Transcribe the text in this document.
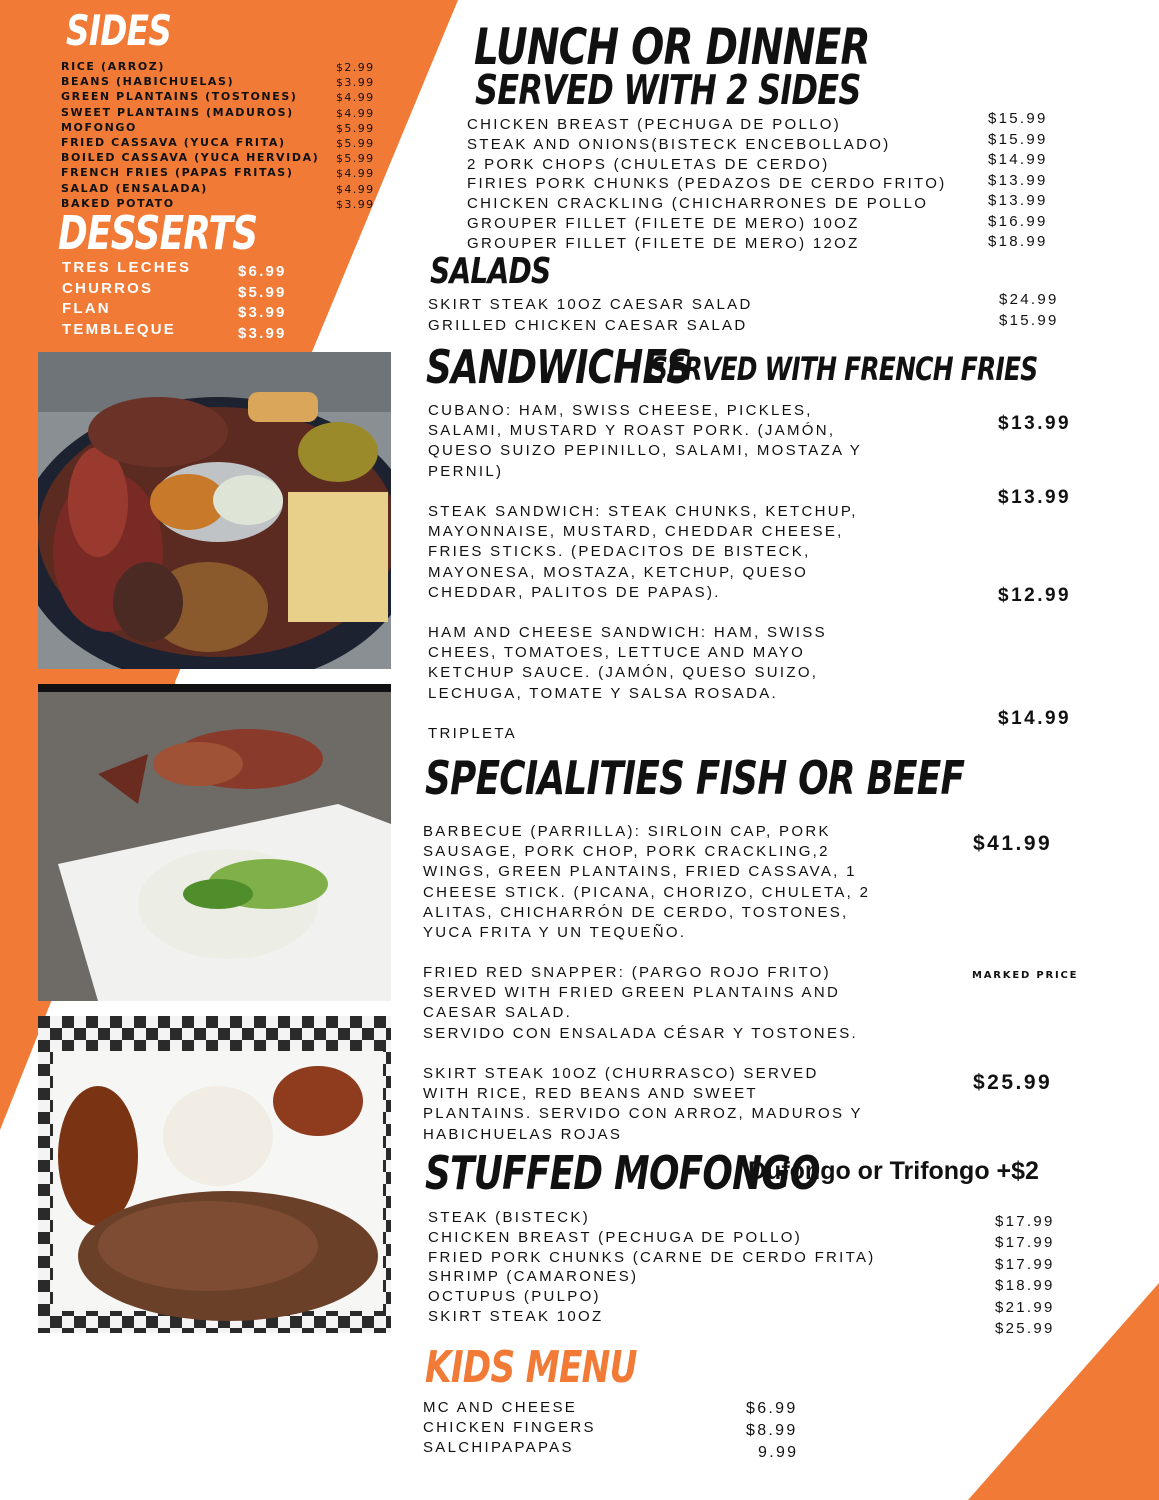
SIDES
RICE (ARROZ)
BEANS (HABICHUELAS)
GREEN PLANTAINS (TOSTONES)
SWEET PLANTAINS (MADUROS)
MOFONGO
FRIED CASSAVA (YUCA FRITA)
BOILED CASSAVA (YUCA HERVIDA)
FRENCH FRIES (PAPAS FRITAS)
SALAD (ENSALADA)
BAKED POTATO
$2.99
$3.99
$4.99
$4.99
$5.99
$5.99
$5.99
$4.99
$4.99
$3.99
DESSERTS
TRES LECHES
CHURROS
FLAN
TEMBLEQUE
$6.99
$5.99
$3.99
$3.99
LUNCH OR DINNER
SERVED WITH 2 SIDES
CHICKEN BREAST (PECHUGA DE POLLO)
STEAK AND ONIONS(BISTECK ENCEBOLLADO)
2 PORK CHOPS (CHULETAS DE CERDO)
FIRIES PORK CHUNKS (PEDAZOS DE CERDO FRITO)
CHICKEN CRACKLING (CHICHARRONES DE POLLO
GROUPER FILLET (FILETE DE MERO) 10OZ
GROUPER FILLET (FILETE DE MERO) 12OZ
$15.99
$15.99
$14.99
$13.99
$13.99
$16.99
$18.99
SALADS
SKIRT STEAK 10OZ CAESAR SALAD
GRILLED CHICKEN CAESAR SALAD
$24.99
$15.99
SANDWICHES
SERVED WITH FRENCH FRIES
CUBANO: HAM, SWISS CHEESE, PICKLES,
SALAMI, MUSTARD Y ROAST PORK. (JAMÓN,
QUESO SUIZO PEPINILLO, SALAMI, MOSTAZA Y
PERNIL)
$13.99
STEAK SANDWICH: STEAK CHUNKS, KETCHUP,
MAYONNAISE, MUSTARD, CHEDDAR CHEESE,
FRIES STICKS. (PEDACITOS DE BISTECK,
MAYONESA, MOSTAZA, KETCHUP, QUESO
CHEDDAR, PALITOS DE PAPAS).
$13.99
HAM AND CHEESE SANDWICH: HAM, SWISS
CHEES, TOMATOES, LETTUCE AND MAYO
KETCHUP SAUCE. (JAMÓN, QUESO SUIZO,
LECHUGA, TOMATE Y SALSA ROSADA.
$12.99
TRIPLETA
$14.99
SPECIALITIES FISH OR BEEF
BARBECUE (PARRILLA): SIRLOIN CAP, PORK
SAUSAGE, PORK CHOP, PORK CRACKLING,2
WINGS, GREEN PLANTAINS, FRIED CASSAVA, 1
CHEESE STICK. (PICANA, CHORIZO, CHULETA, 2
ALITAS, CHICHARRÓN DE CERDO, TOSTONES,
YUCA FRITA Y UN TEQUEÑO.
$41.99
FRIED RED SNAPPER: (PARGO ROJO FRITO)
SERVED WITH FRIED GREEN PLANTAINS AND
CAESAR SALAD.
SERVIDO CON ENSALADA CÉSAR Y TOSTONES.
MARKED PRICE
SKIRT STEAK 10OZ (CHURRASCO) SERVED
WITH RICE, RED BEANS AND SWEET
PLANTAINS. SERVIDO CON ARROZ, MADUROS Y
HABICHUELAS ROJAS
$25.99
STUFFED MOFONGO
Dufongo or Trifongo +$2
STEAK (BISTECK)
CHICKEN BREAST (PECHUGA DE POLLO)
FRIED PORK CHUNKS (CARNE DE CERDO FRITA)
SHRIMP (CAMARONES)
OCTUPUS (PULPO)
SKIRT STEAK 10OZ
$17.99
$17.99
$17.99
$18.99
$21.99
$25.99
KIDS MENU
MC AND CHEESE
CHICKEN FINGERS
SALCHIPAPAPAS
$6.99
$8.99
9.99
